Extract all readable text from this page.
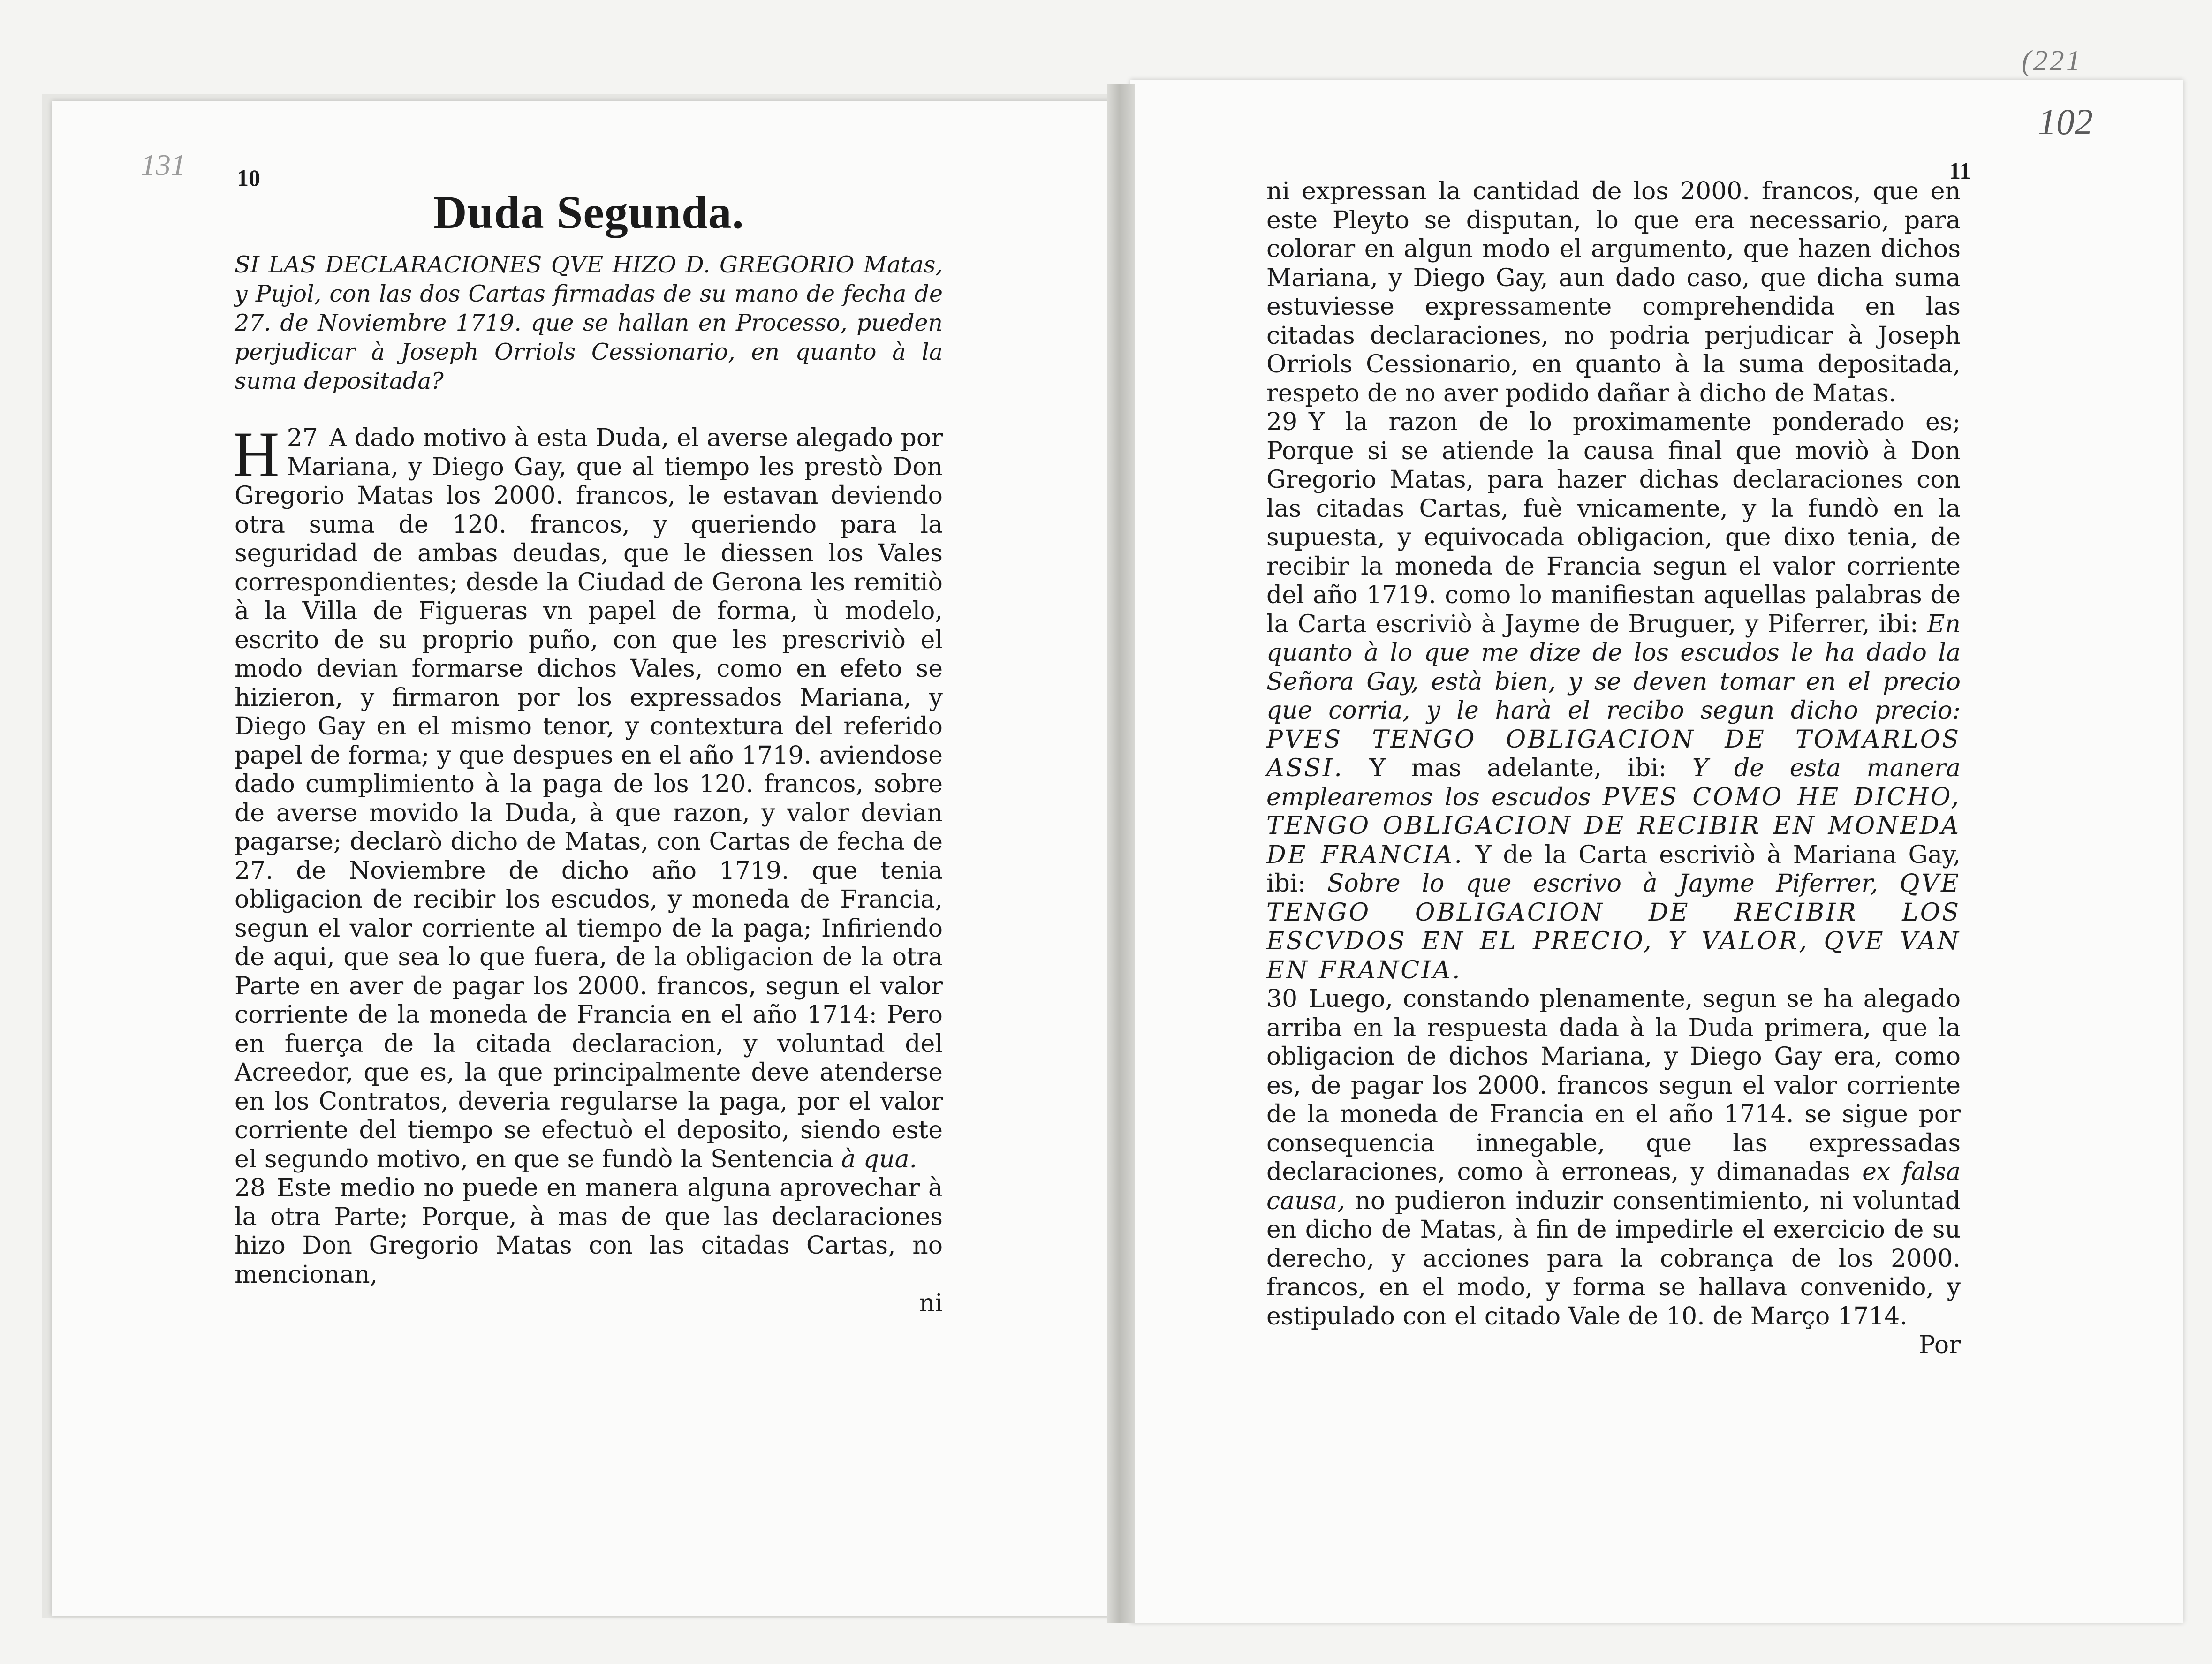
(221
102
131 10	11
Duda Segunda.

SI LAS DECLARACIONES QVE HIZO D. GREGORIO Matas, y Pujol, con las dos Cartas firmadas de su mano de fecha de 27. de Noviembre 1719. que se hallan en Processo, pueden perjudicar à Joseph Orriols Cessionario, en quanto à la suma depositada?

27
H A dado motivo à esta Duda, el averse alegado por Mariana, y Diego Gay, que al tiempo les prestò Don Gregorio Matas los 2000. francos, le estavan deviendo otra suma de 120. francos, y queriendo para la seguridad de ambas deudas, que le diessen los Vales correspondientes; desde la Ciudad de Gerona les remitiò à la Villa de Figueras vn papel de forma, ù modelo, escrito de su proprio puño, con que les prescriviò el modo devian formarse dichos Vales, como en efeto se hizieron, y firmaron por los expressados Mariana, y Diego Gay en el mismo tenor, y contextura del referido papel de forma; y que despues en el año 1719. aviendose dado cumplimiento à la paga de los 120. francos, sobre de averse movido la Duda, à que razon, y valor devian pagarse; declarò dicho de Matas, con Cartas de fecha de 27. de Noviembre de dicho año 1719. que tenia obligacion de recibir los escudos, y moneda de Francia, segun el valor corriente al tiempo de la paga; Infiriendo de aqui, que sea lo que fuera, de la obligacion de la otra Parte en aver de pagar los 2000. francos, segun el valor corriente de la moneda de Francia en el año 1714: Pero en fuerça de la citada declaracion, y voluntad del Acreedor, que es, la que principalmente deve atenderse en los Contratos, deveria regularse la paga, por el valor corriente del tiempo se efectuò el deposito, siendo este el segundo motivo, en que se fundò la Sentencia à qua.

28 Este medio no puede en manera alguna aprovechar à la otra Parte; Porque, à mas de que las declaraciones hizo Don Gregorio Matas con las citadas Cartas, no mencionan,

ni

ni expressan la cantidad de los 2000. francos, que en este Pleyto se disputan, lo que era necessario, para colorar en algun modo el argumento, que hazen dichos Mariana, y Diego Gay, aun dado caso, que dicha suma estuviesse expressamente comprehendida en las citadas declaraciones, no podria perjudicar à Joseph Orriols Cessionario, en quanto à la suma depositada, respeto de no aver podido dañar à dicho de Matas.

29 Y la razon de lo proximamente ponderado es; Porque si se atiende la causa final que moviò à Don Gregorio Matas, para hazer dichas declaraciones con las citadas Cartas, fuè vnicamente, y la fundò en la supuesta, y equivocada obligacion, que dixo tenia, de recibir la moneda de Francia segun el valor corriente del año 1719. como lo manifiestan aquellas palabras de la Carta escriviò à Jayme de Bruguer, y Piferrer, ibi: En quanto à lo que me dize de los escudos le ha dado la Señora Gay, està bien, y se deven tomar en el precio que corria, y le harà el recibo segun dicho precio: PVES TENGO OBLIGACION DE TOMARLOS ASSI. Y mas adelante, ibi: Y de esta manera emplearemos los escudos PVES COMO HE DICHO, TENGO OBLIGACION DE RECIBIR EN MONEDA DE FRANCIA. Y de la Carta escriviò à Mariana Gay, ibi: Sobre lo que escrivo à Jayme Piferrer, QVE TENGO OBLIGACION DE RECIBIR LOS ESCVDOS EN EL PRECIO, Y VALOR, QVE VAN EN FRANCIA.

30 Luego, constando plenamente, segun se ha alegado arriba en la respuesta dada à la Duda primera, que la obligacion de dichos Mariana, y Diego Gay era, como es, de pagar los 2000. francos segun el valor corriente de la moneda de Francia en el año 1714. se sigue por consequencia innegable, que las expressadas declaraciones, como à erroneas, y dimanadas ex falsa causa, no pudieron induzir consentimiento, ni voluntad en dicho de Matas, à fin de impedirle el exercicio de su derecho, y acciones para la cobrança de los 2000. francos, en el modo, y forma se hallava convenido, y estipulado con el citado Vale de 10. de Março 1714.

Por
